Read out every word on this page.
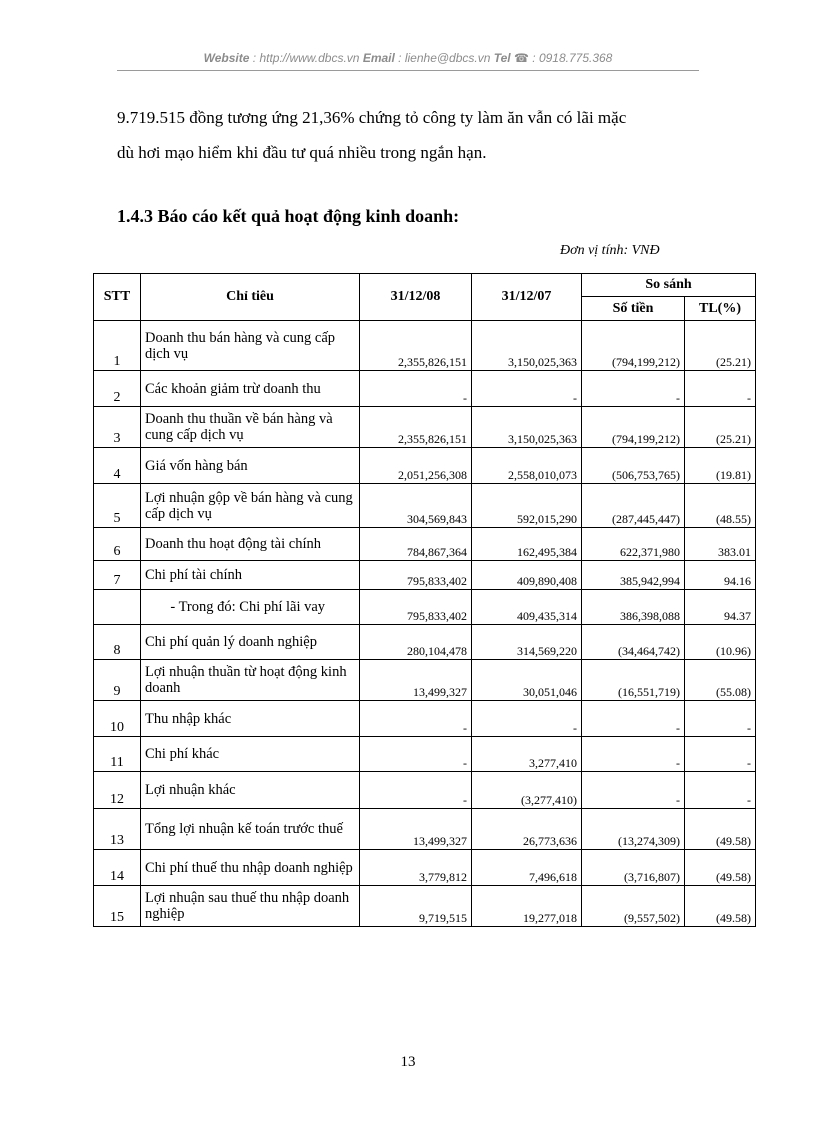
Website : http://www.dbcs.vn Email : lienhe@dbcs.vn Tel ☎ : 0918.775.368

9.719.515 đồng tương ứng 21,36% chứng tỏ công ty làm ăn vẫn có lãi mặc

dù hơi mạo hiểm khi đầu tư quá nhiều trong ngắn hạn.

1.4.3 Báo cáo kết quả hoạt động kinh doanh:
Đơn vị tính: VNĐ
STT	Chỉ tiêu	31/12/08	31/12/07	So sánh	
				Số tiền	TL(%)
1	Doanh thu bán hàng và cung cấp dịch vụ	2,355,826,151	3,150,025,363	(794,199,212)	(25.21)
2	Các khoản giảm trừ doanh thu	-	-	-	-
3	Doanh thu thuần về bán hàng và cung cấp dịch vụ	2,355,826,151	3,150,025,363	(794,199,212)	(25.21)
4	Giá vốn hàng bán	2,051,256,308	2,558,010,073	(506,753,765)	(19.81)
5	Lợi nhuận gộp về bán hàng và cung cấp dịch vụ	304,569,843	592,015,290	(287,445,447)	(48.55)
6	Doanh thu hoạt động tài chính	784,867,364	162,495,384	622,371,980	383.01
7	Chi phí tài chính	795,833,402	409,890,408	385,942,994	94.16
	- Trong đó: Chi phí lãi vay	795,833,402	409,435,314	386,398,088	94.37
8	Chi phí quản lý doanh nghiệp	280,104,478	314,569,220	(34,464,742)	(10.96)
9	Lợi nhuận thuần từ hoạt động kinh doanh	13,499,327	30,051,046	(16,551,719)	(55.08)
10	Thu nhập khác	-	-	-	-
11	Chi phí khác	-	3,277,410	-	-
12	Lợi nhuận khác	-	(3,277,410)	-	-
13	Tổng lợi nhuận kế toán trước thuế	13,499,327	26,773,636	(13,274,309)	(49.58)
14	Chi phí thuế thu nhập doanh nghiệp	3,779,812	7,496,618	(3,716,807)	(49.58)
15	Lợi nhuận sau thuế thu nhập doanh nghiệp	9,719,515	19,277,018	(9,557,502)	(49.58)
13
